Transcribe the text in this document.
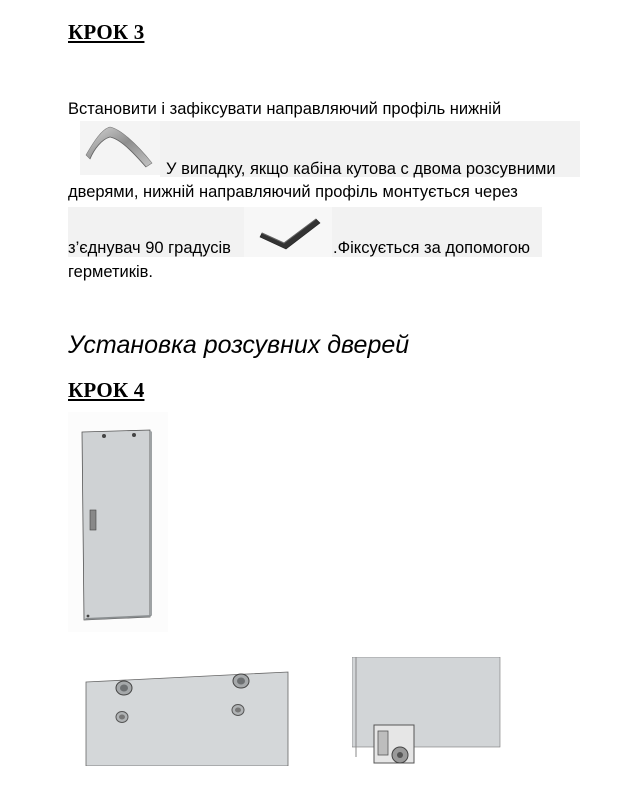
КРОК 3
Встановити і зафіксувати направляючий профіль нижній
У випадку, якщо кабіна кутова с двома розсувними
дверями, нижній направляючий профіль монтується через
з’єднувач 90 градусів	.Фіксується за допомогою
герметиків.
Установка розсувних дверей
КРОК 4
